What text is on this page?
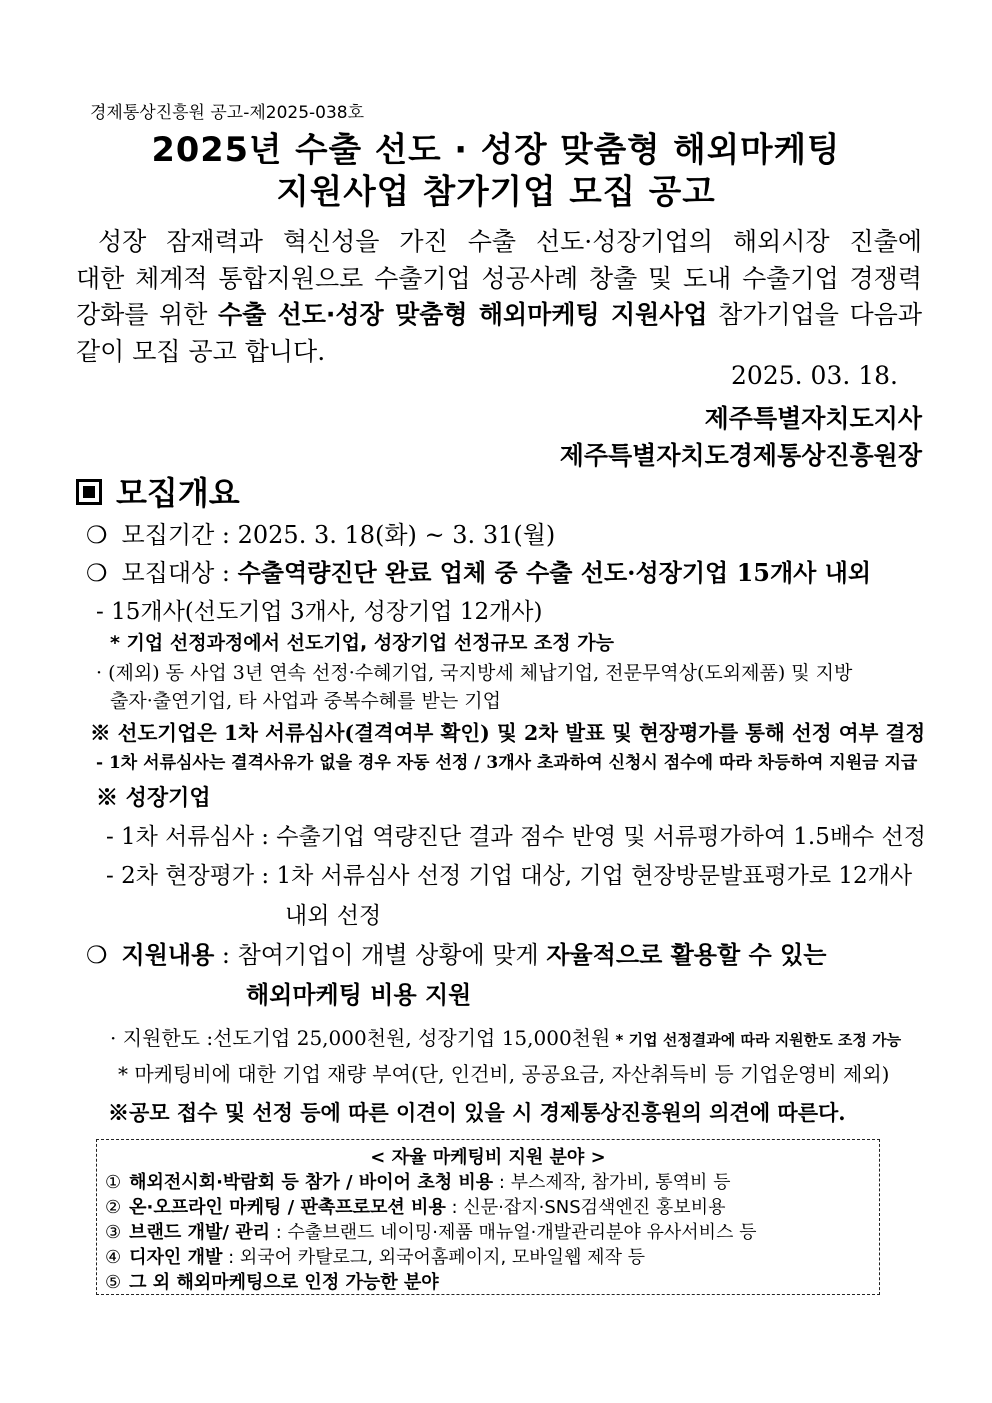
경제통상진흥원 공고-제2025-038호
2025년 수출 선도 · 성장 맞춤형 해외마케팅
지원사업 참가기업 모집 공고
성장 잠재력과 혁신성을 가진 수출 선도·성장기업의 해외시장 진출에
대한 체계적 통합지원으로 수출기업 성공사례 창출 및 도내 수출기업 경쟁력
강화를 위한 수출 선도·성장 맞춤형 해외마케팅 지원사업 참가기업을 다음과
같이 모집 공고 합니다.
2025. 03. 18.
제주특별자치도지사
제주특별자치도경제통상진흥원장
모집개요
❍ 모집기간 : 2025. 3. 18(화) ~ 3. 31(월)
❍ 모집대상 : 수출역량진단 완료 업체 중 수출 선도·성장기업 15개사 내외
- 15개사(선도기업 3개사, 성장기업 12개사)
* 기업 선정과정에서 선도기업, 성장기업 선정규모 조정 가능
· (제외) 동 사업 3년 연속 선정·수혜기업, 국지방세 체납기업, 전문무역상(도외제품) 및 지방
출자·출연기업, 타 사업과 중복수혜를 받는 기업
※ 선도기업은 1차 서류심사(결격여부 확인) 및 2차 발표 및 현장평가를 통해 선정 여부 결정
- 1차 서류심사는 결격사유가 없을 경우 자동 선정 / 3개사 초과하여 신청시 점수에 따라 차등하여 지원금 지급
※ 성장기업
- 1차 서류심사 : 수출기업 역량진단 결과 점수 반영 및 서류평가하여 1.5배수 선정
- 2차 현장평가 : 1차 서류심사 선정 기업 대상, 기업 현장방문발표평가로 12개사
내외 선정
❍ 지원내용 : 참여기업이 개별 상황에 맞게 자율적으로 활용할 수 있는
해외마케팅 비용 지원
· 지원한도 :선도기업 25,000천원, 성장기업 15,000천원 * 기업 선정결과에 따라 지원한도 조정 가능
* 마케팅비에 대한 기업 재량 부여(단, 인건비, 공공요금, 자산취득비 등 기업운영비 제외)
※공모 접수 및 선정 등에 따른 이견이 있을 시 경제통상진흥원의 의견에 따른다.
< 자율 마케팅비 지원 분야 >
① 해외전시회·박람회 등 참가 / 바이어 초청 비용 : 부스제작, 참가비, 통역비 등
② 온·오프라인 마케팅 / 판촉프로모션 비용 : 신문·잡지·SNS검색엔진 홍보비용
③ 브랜드 개발/ 관리 : 수출브랜드 네이밍·제품 매뉴얼·개발관리분야 유사서비스 등
④ 디자인 개발 : 외국어 카탈로그, 외국어홈페이지, 모바일웹 제작 등
⑤ 그 외 해외마케팅으로 인정 가능한 분야
